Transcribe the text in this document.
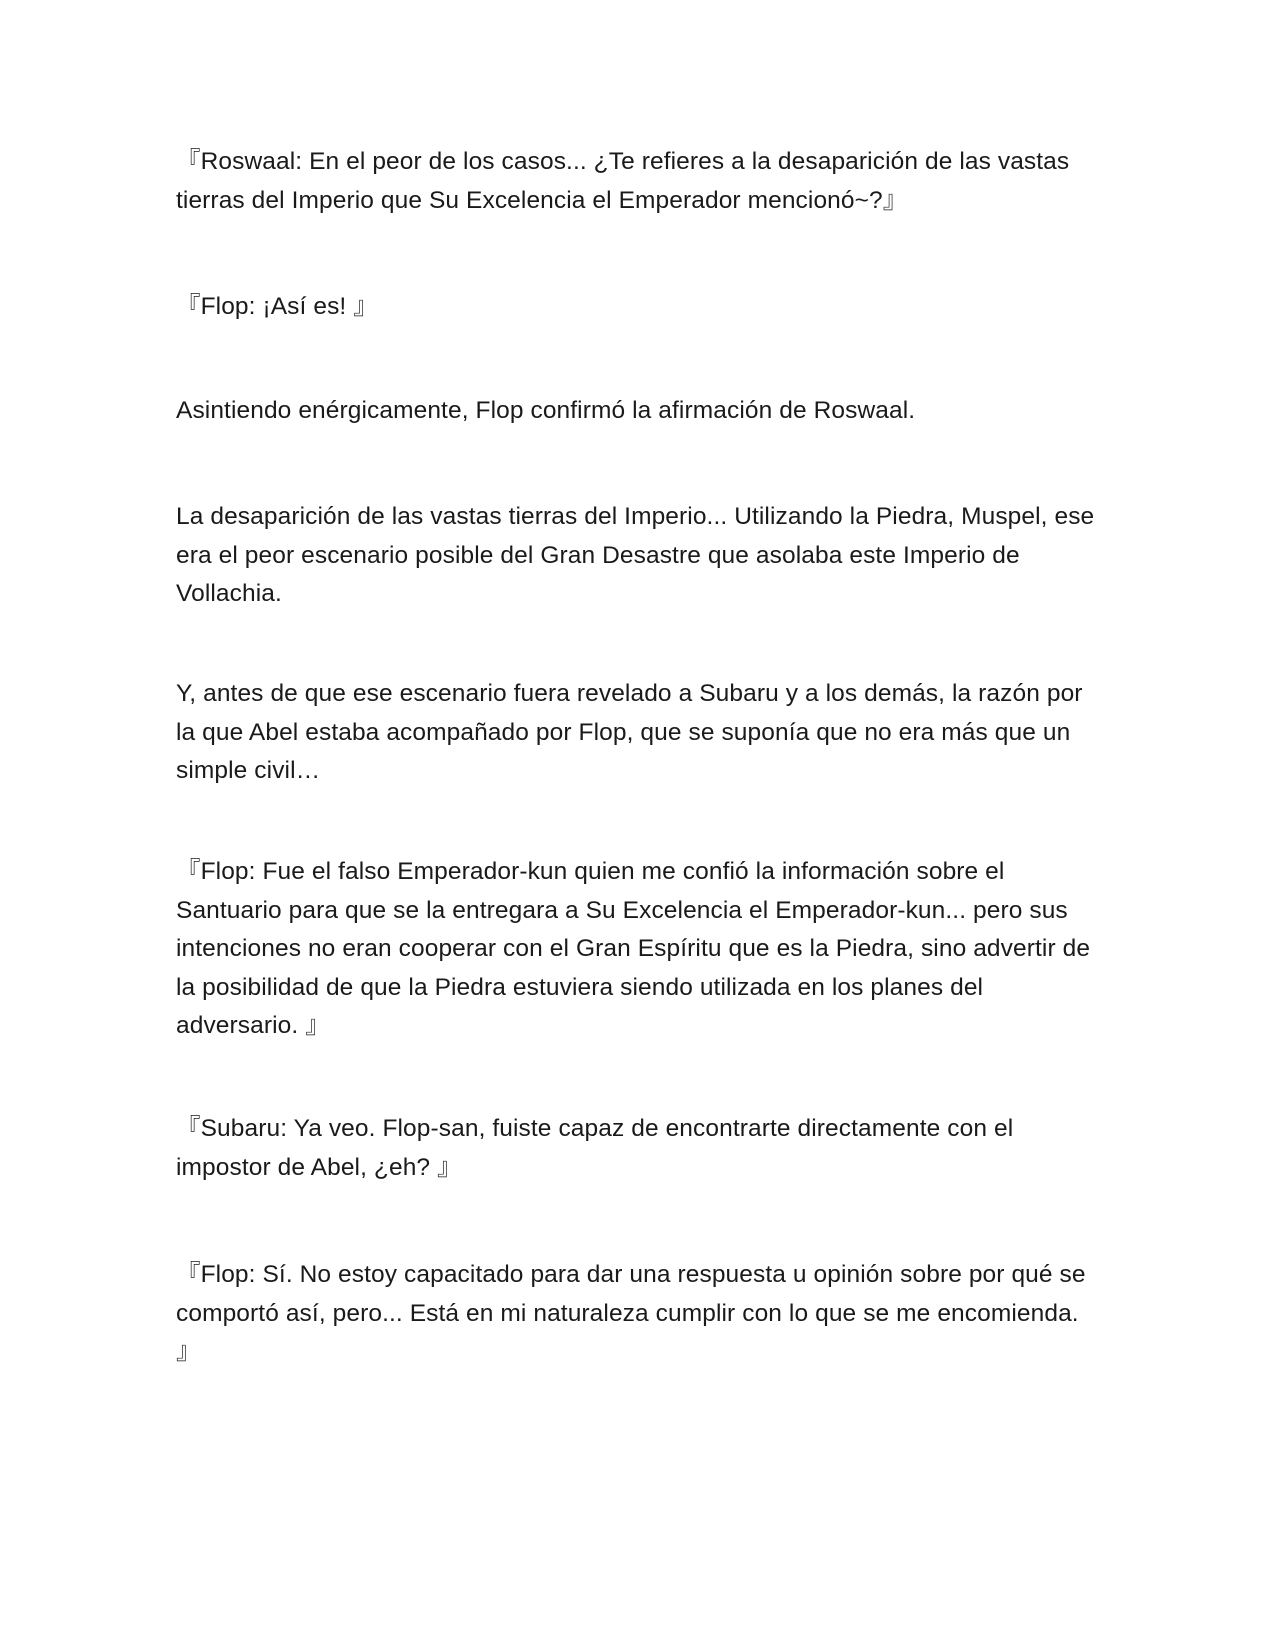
『Roswaal: En el peor de los casos... ¿Te refieres a la desaparición de las vastas tierras del Imperio que Su Excelencia el Emperador mencionó~?』

『Flop: ¡Así es! 』

Asintiendo enérgicamente, Flop confirmó la afirmación de Roswaal.

La desaparición de las vastas tierras del Imperio... Utilizando la Piedra, Muspel, ese era el peor escenario posible del Gran Desastre que asolaba este Imperio de Vollachia.

Y, antes de que ese escenario fuera revelado a Subaru y a los demás, la razón por la que Abel estaba acompañado por Flop, que se suponía que no era más que un simple civil…

『Flop: Fue el falso Emperador-kun quien me confió la información sobre el Santuario para que se la entregara a Su Excelencia el Emperador-kun... pero sus intenciones no eran cooperar con el Gran Espíritu que es la Piedra, sino advertir de la posibilidad de que la Piedra estuviera siendo utilizada en los planes del adversario. 』

『Subaru: Ya veo. Flop-san, fuiste capaz de encontrarte directamente con el impostor de Abel, ¿eh? 』

『Flop: Sí. No estoy capacitado para dar una respuesta u opinión sobre por qué se comportó así, pero... Está en mi naturaleza cumplir con lo que se me encomienda. 』
